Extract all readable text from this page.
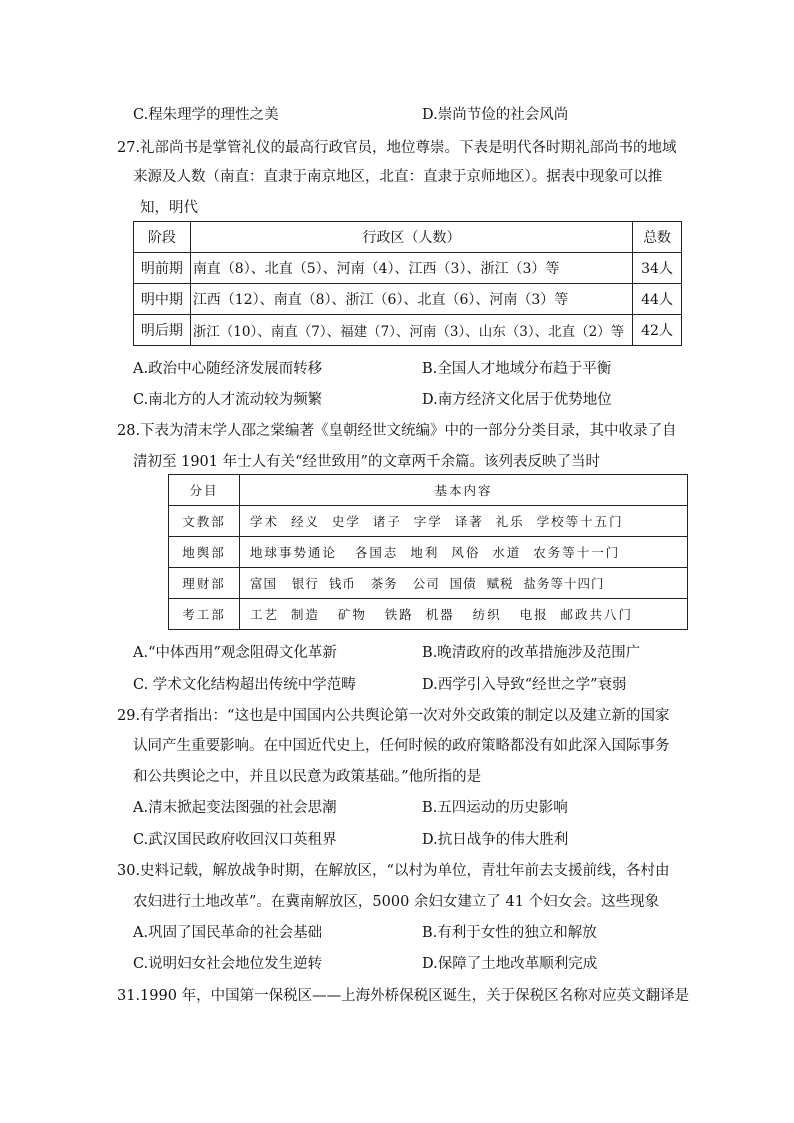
C.程朱理学的理性之美	D.崇尚节俭的社会风尚
27.礼部尚书是掌管礼仪的最高行政官员，地位尊崇。下表是明代各时期礼部尚书的地域
来源及人数（南直：直隶于南京地区，北直：直隶于京师地区）。据表中现象可以推
知，明代
阶段	行政区（人数）	总数
明前期	南直（8）、北直（5）、河南（4）、江西（3）、浙江（3）等	34人
明中期	江西（12）、南直（8）、浙江（6）、北直（6）、河南（3）等	44人
明后期	浙江（10）、南直（7）、福建（7）、河南（3）、山东（3）、北直（2）等	42人
A.政治中心随经济发展而转移	B.全国人才地域分布趋于平衡
C.南北方的人才流动较为频繁	D.南方经济文化居于优势地位
28.下表为清末学人邵之棠编著《皇朝经世文统编》中的一部分分类目录，其中收录了自
清初至 1901 年士人有关“经世致用”的文章两千余篇。该列表反映了当时
分目	基本内容
文教部	学术  经义  史学  诸子  字学  译著  礼乐  学校等十五门
地舆部	地球事势通论   各国志  地利  风俗  水道  农务等十一门
理财部	富国   银行  钱币   茶务   公司  国债  赋税  盐务等十四门
考工部	工艺  制造   矿物   铁路  机器   纺织   电报  邮政共八门
A.“中体西用”观念阻碍文化革新	B.晚清政府的改革措施涉及范围广
C. 学术文化结构超出传统中学范畴	D.西学引入导致“经世之学”衰弱
29.有学者指出：“这也是中国国内公共舆论第一次对外交政策的制定以及建立新的国家
认同产生重要影响。在中国近代史上，任何时候的政府策略都没有如此深入国际事务
和公共舆论之中，并且以民意为政策基础。”他所指的是
A.清末掀起变法图强的社会思潮	B.五四运动的历史影响
C.武汉国民政府收回汉口英租界	D.抗日战争的伟大胜利
30.史料记载，解放战争时期，在解放区，“以村为单位，青壮年前去支援前线，各村由
农妇进行土地改革”。在冀南解放区，5000 余妇女建立了 41 个妇女会。这些现象
A.巩固了国民革命的社会基础	B.有利于女性的独立和解放
C.说明妇女社会地位发生逆转	D.保障了土地改革顺利完成
31.1990 年，中国第一保税区——上海外桥保税区诞生，关于保税区名称对应英文翻译是
